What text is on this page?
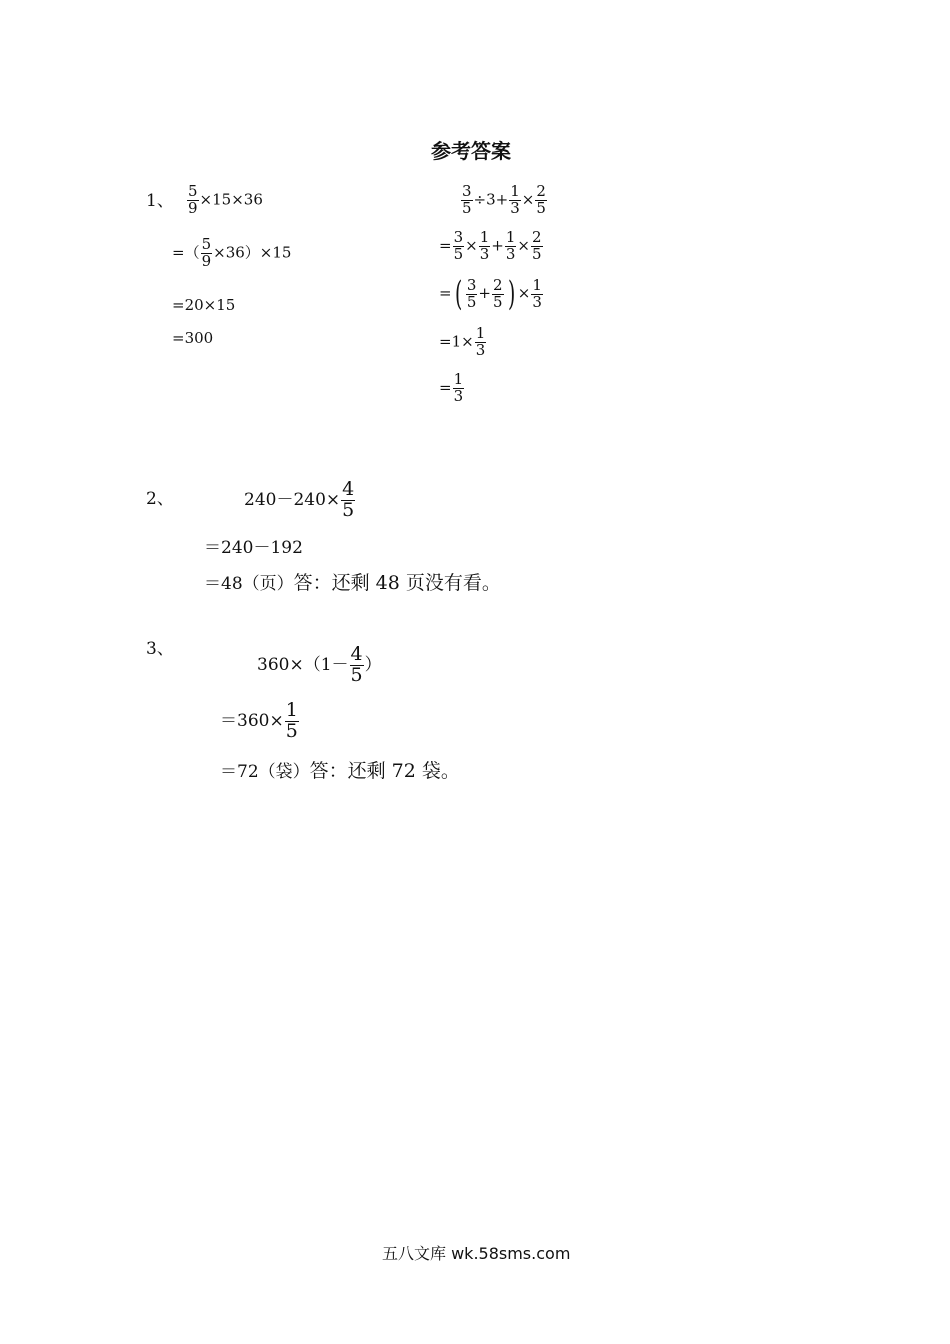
参考答案
1、 $\frac{5}{9} \times 15\times 36$
=（ $\frac{5}{9} \times 36)\times 15$
=20×15
=300
$\frac{3}{5} \div 3+ \frac{1}{3} \times \frac{2}{5}$
= $\frac{3}{5} \times \frac{1}{3} + \frac{1}{3} \times \frac{2}{5}$
=( $\frac{3}{5} + \frac{2}{5}$ ) × $\frac{1}{3}$
$=1\times \frac{1}{3}$
= $\frac{1}{3}$
2、	$240-240\times \frac{4}{5}$
＝240－192
＝48（页）答：还剩 48 页没有看。
3、
$360\times(1- \frac{4}{5}$ ）
$=360\times \frac{1}{5}$
＝72（袋）答：还剩 72 袋。
五八文库 wk.58sms.com
